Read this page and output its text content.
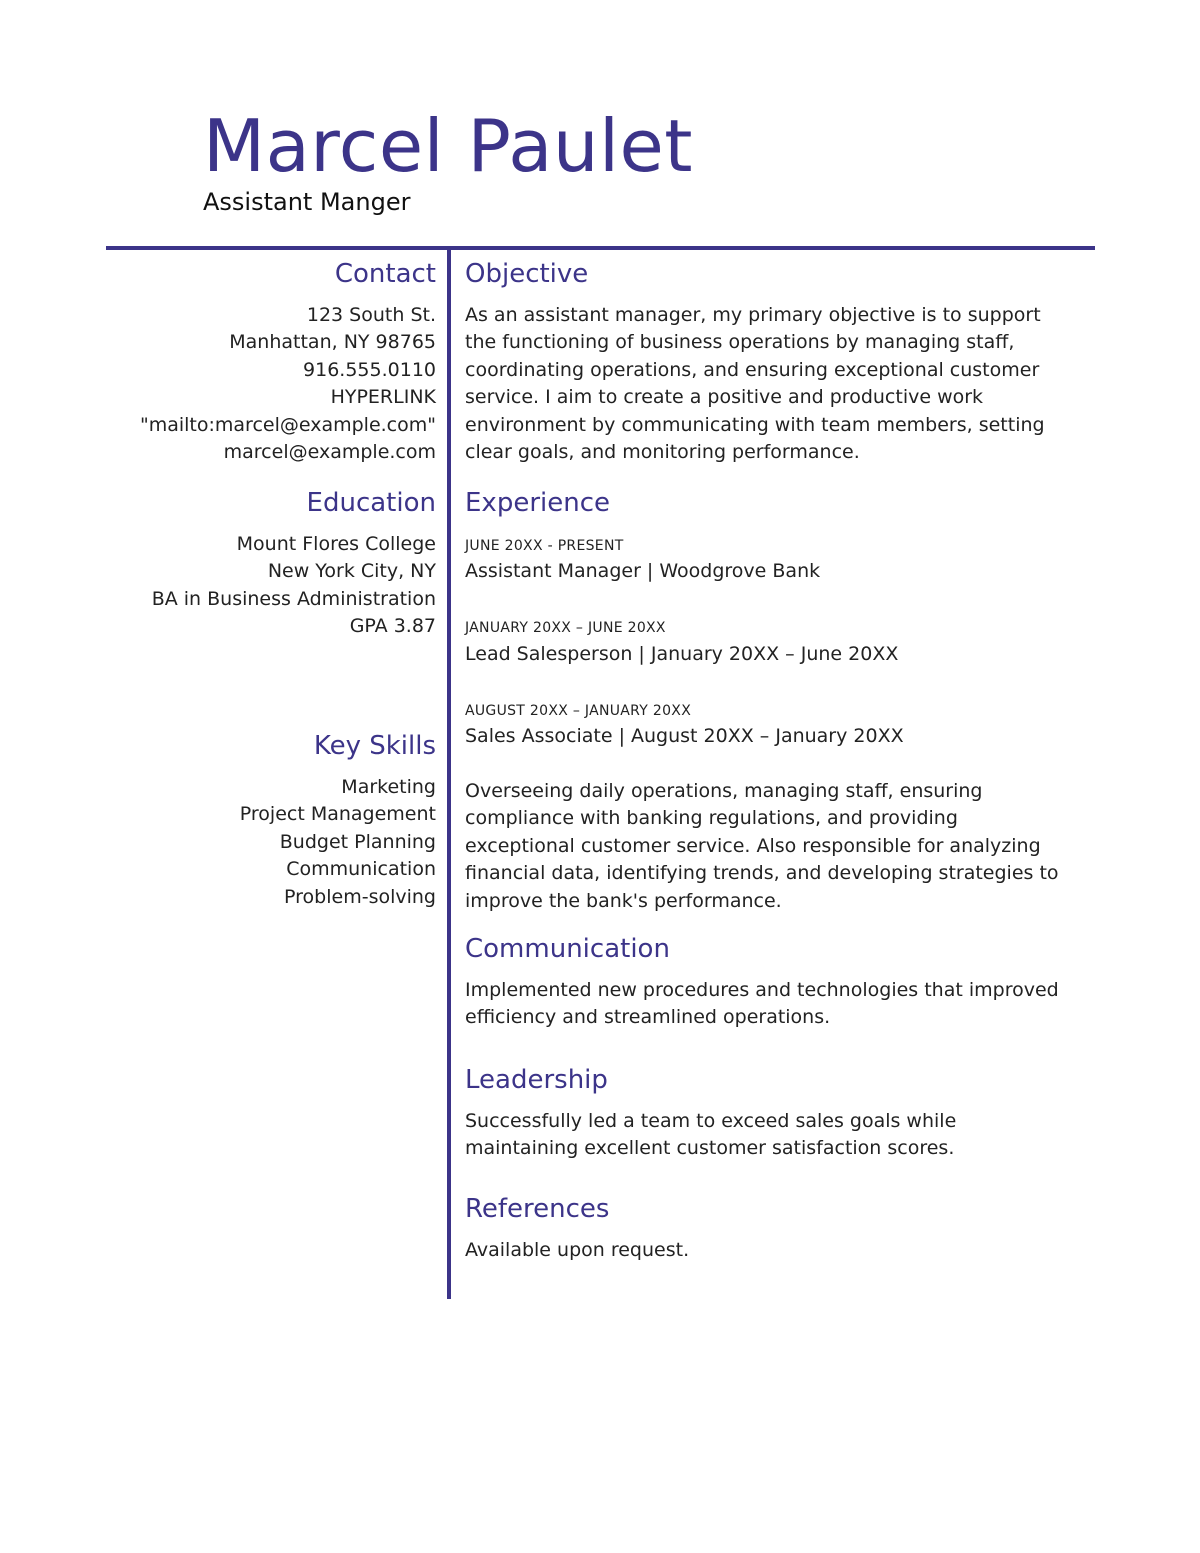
Marcel Paulet
Assistant Manger
Contact
123 South St.
Manhattan, NY 98765
916.555.0110
HYPERLINK
"mailto:marcel@example.com"
marcel@example.com
Education
Mount Flores College
New York City, NY
BA in Business Administration
GPA 3.87
Key Skills
Marketing
Project Management
Budget Planning
Communication
Problem-solving
Objective
As an assistant manager, my primary objective is to support
the functioning of business operations by managing staff,
coordinating operations, and ensuring exceptional customer
service. I aim to create a positive and productive work
environment by communicating with team members, setting
clear goals, and monitoring performance.
Experience
JUNE 20XX - PRESENT
Assistant Manager | Woodgrove Bank
JANUARY 20XX – JUNE 20XX
Lead Salesperson | January 20XX – June 20XX
AUGUST 20XX – JANUARY 20XX
Sales Associate | August 20XX – January 20XX
Overseeing daily operations, managing staff, ensuring
compliance with banking regulations, and providing
exceptional customer service. Also responsible for analyzing
financial data, identifying trends, and developing strategies to
improve the bank's performance.
Communication
Implemented new procedures and technologies that improved
efficiency and streamlined operations.
Leadership
Successfully led a team to exceed sales goals while
maintaining excellent customer satisfaction scores.
References
Available upon request.
